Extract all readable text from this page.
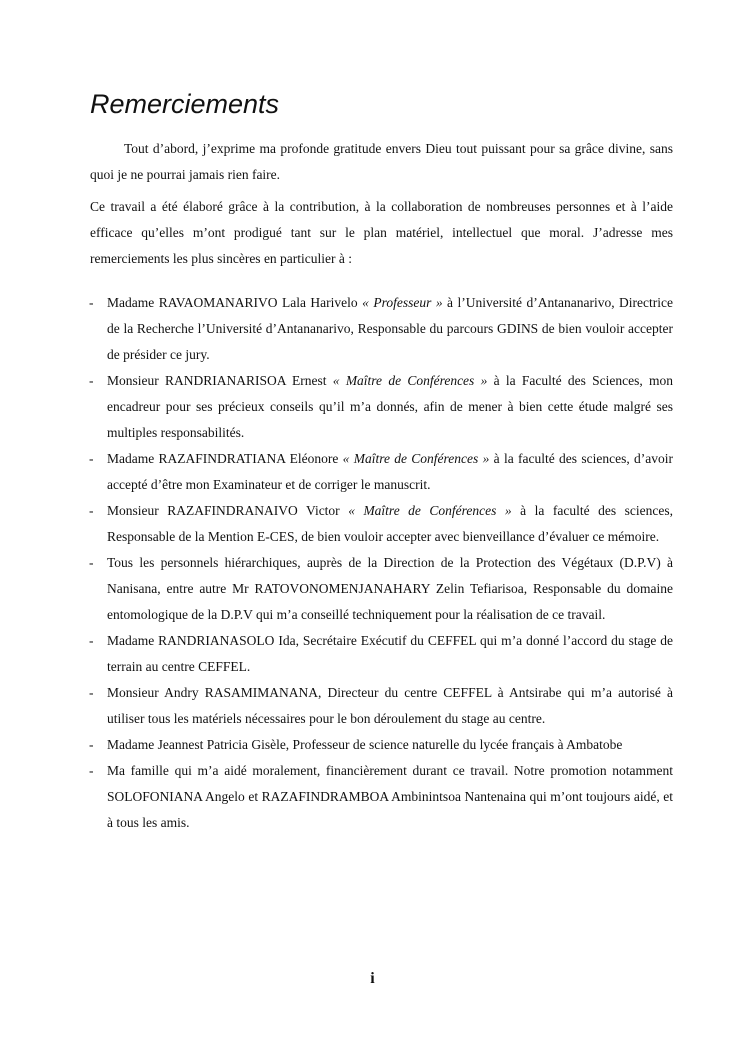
Remerciements

Tout d’abord, j’exprime ma profonde gratitude envers Dieu tout puissant pour sa grâce divine, sans quoi je ne pourrai jamais rien faire.

Ce travail a été élaboré grâce à la contribution, à la collaboration de nombreuses personnes et à l’aide efficace qu’elles m’ont prodigué tant sur le plan matériel, intellectuel que moral. J’adresse mes remerciements les plus sincères en particulier à :

- Madame RAVAOMANARIVO Lala Harivelo « Professeur » à l’Université d’Antananarivo, Directrice de la Recherche l’Université d’Antananarivo, Responsable du parcours GDINS de bien vouloir accepter de présider ce jury.
- Monsieur RANDRIANARISOA Ernest « Maître de Conférences » à la Faculté des Sciences, mon encadreur pour ses précieux conseils qu’il m’a donnés, afin de mener à bien cette étude malgré ses multiples responsabilités.
- Madame RAZAFINDRATIANA Eléonore « Maître de Conférences » à la faculté des sciences, d’avoir accepté d’être mon Examinateur et de corriger le manuscrit.
- Monsieur RAZAFINDRANAIVO Victor « Maître de Conférences » à la faculté des sciences, Responsable de la Mention E-CES, de bien vouloir accepter avec bienveillance d’évaluer ce mémoire.
- Tous les personnels hiérarchiques, auprès de la Direction de la Protection des Végétaux (D.P.V) à Nanisana, entre autre Mr RATOVONOMENJANAHARY Zelin Tefiarisoa, Responsable du domaine entomologique de la D.P.V qui m’a conseillé techniquement pour la réalisation de ce travail.
- Madame RANDRIANASOLO Ida, Secrétaire Exécutif du CEFFEL qui m’a donné l’accord du stage de terrain au centre CEFFEL.
- Monsieur Andry RASAMIMANANA, Directeur du centre CEFFEL à Antsirabe qui m’a autorisé à utiliser tous les matériels nécessaires pour le bon déroulement du stage au centre.
- Madame Jeannest Patricia Gisèle, Professeur de science naturelle du lycée français à Ambatobe
- Ma famille qui m’a aidé moralement, financièrement durant ce travail. Notre promotion notamment SOLOFONIANA Angelo et RAZAFINDRAMBOA Ambinintsoa Nantenaina qui m’ont toujours aidé, et à tous les amis.
i
